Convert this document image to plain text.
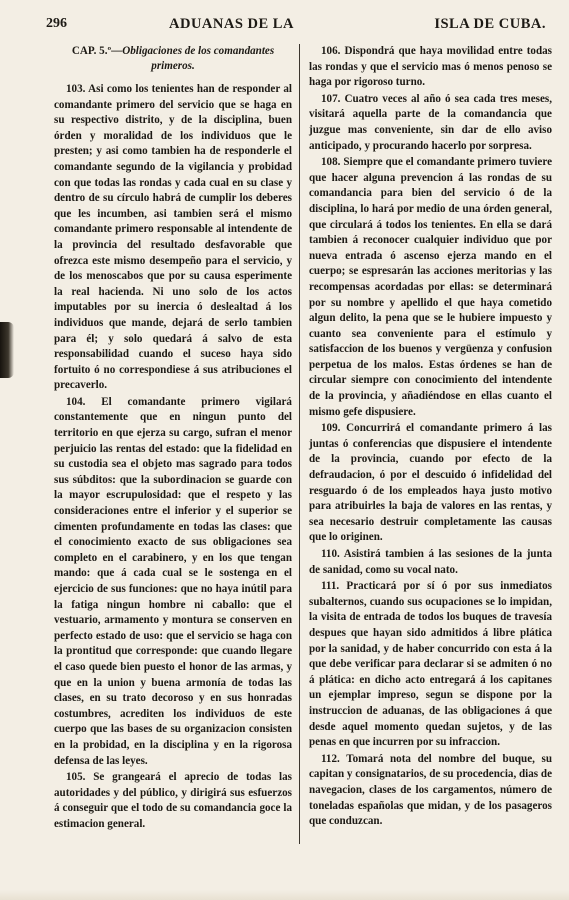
296	ADUANAS DE LA	ISLA DE CUBA.
CAP. 5.º—Obligaciones de los comandantes primeros.

103. Asi como los tenientes han de responder al comandante primero del servicio que se haga en su respectivo distrito, y de la disciplina, buen órden y moralidad de los individuos que le presten; y asi como tambien ha de responderle el comandante segundo de la vigilancia y probidad con que todas las rondas y cada cual en su clase y dentro de su círculo habrá de cumplir los deberes que les incumben, asi tambien será el mismo comandante primero responsable al intendente de la provincia del resultado desfavorable que ofrezca este mismo desempeño para el servicio, y de los menoscabos que por su causa esperimente la real hacienda. Ni uno solo de los actos imputables por su inercia ó deslealtad á los individuos que mande, dejará de serlo tambien para él; y solo quedará á salvo de esta responsabilidad cuando el suceso haya sido fortuito ó no correspondiese á sus atribuciones el precaverlo.

104. El comandante primero vigilará constantemente que en ningun punto del territorio en que ejerza su cargo, sufran el menor perjuicio las rentas del estado: que la fidelidad en su custodia sea el objeto mas sagrado para todos sus súbditos: que la subordinacion se guarde con la mayor escrupulosidad: que el respeto y las consideraciones entre el inferior y el superior se cimenten profundamente en todas las clases: que el conocimiento exacto de sus obligaciones sea completo en el carabinero, y en los que tengan mando: que á cada cual se le sostenga en el ejercicio de sus funciones: que no haya inútil para la fatiga ningun hombre ni caballo: que el vestuario, armamento y montura se conserven en perfecto estado de uso: que el servicio se haga con la prontitud que corresponde: que cuando llegare el caso quede bien puesto el honor de las armas, y que en la union y buena armonía de todas las clases, en su trato decoroso y en sus honradas costumbres, acrediten los individuos de este cuerpo que las bases de su organizacion consisten en la probidad, en la disciplina y en la rigorosa defensa de las leyes.

105. Se grangeará el aprecio de todas las autoridades y del público, y dirigirá sus esfuerzos á conseguir que el todo de su comandancia goce la estimacion general.

106. Dispondrá que haya movilidad entre todas las rondas y que el servicio mas ó menos penoso se haga por rigoroso turno.

107. Cuatro veces al año ó sea cada tres meses, visitará aquella parte de la comandancia que juzgue mas conveniente, sin dar de ello aviso anticipado, y procurando hacerlo por sorpresa.

108. Siempre que el comandante primero tuviere que hacer alguna prevencion á las rondas de su comandancia para bien del servicio ó de la disciplina, lo hará por medio de una órden general, que circulará á todos los tenientes. En ella se dará tambien á reconocer cualquier individuo que por nueva entrada ó ascenso ejerza mando en el cuerpo; se espresarán las acciones meritorias y las recompensas acordadas por ellas: se determinará por su nombre y apellido el que haya cometido algun delito, la pena que se le hubiere impuesto y cuanto sea conveniente para el estímulo y satisfaccion de los buenos y vergüenza y confusion perpetua de los malos. Estas órdenes se han de circular siempre con conocimiento del intendente de la provincia, y añadiéndose en ellas cuanto el mismo gefe dispusiere.

109. Concurrirá el comandante primero á las juntas ó conferencias que dispusiere el intendente de la provincia, cuando por efecto de la defraudacion, ó por el descuido ó infidelidad del resguardo ó de los empleados haya justo motivo para atribuirles la baja de valores en las rentas, y sea necesario destruir completamente las causas que lo originen.

110. Asistirá tambien á las sesiones de la junta de sanidad, como su vocal nato.

111. Practicará por sí ó por sus inmediatos subalternos, cuando sus ocupaciones se lo impidan, la visita de entrada de todos los buques de travesía despues que hayan sido admitidos á libre plática por la sanidad, y de haber concurrido con esta á la que debe verificar para declarar si se admiten ó no á plática: en dicho acto entregará á los capitanes un ejemplar impreso, segun se dispone por la instruccion de aduanas, de las obligaciones á que desde aquel momento quedan sujetos, y de las penas en que incurren por su infraccion.

112. Tomará nota del nombre del buque, su capitan y consignatarios, de su procedencia, dias de navegacion, clases de los cargamentos, número de toneladas españolas que midan, y de los pasageros que conduzcan.
